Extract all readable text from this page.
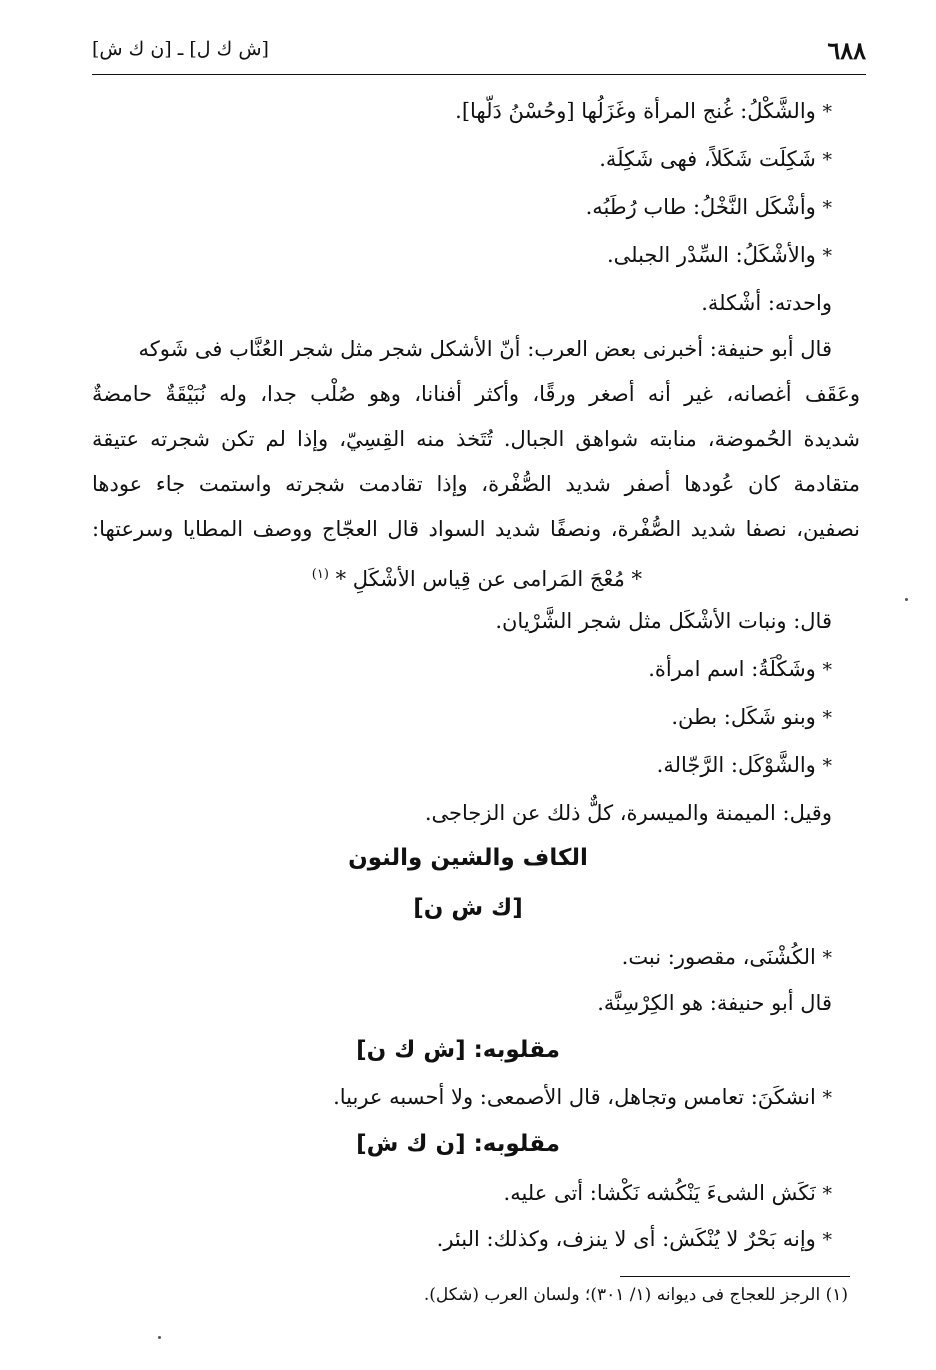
٦٨٨
[ش ك ل] ـ [ن ك ش]
* والشَّكْلُ: غُنج المرأة وغَزَلُها [وحُسْنُ دَلّها].
* شَكِلَت شَكَلاً، فهى شَكِلَة.
* وأشْكَل النَّخْلُ: طاب رُطَبُه.
* والأشْكَلُ: السِّدْر الجبلى.
واحدته: أشْكلة.
قال أبو حنيفة: أخبرنى بعض العرب: أنّ الأشكل شجر مثل شجر العُنَّاب فى شَوكه
وعَقَف أغصانه، غير أنه أصغر ورقًا، وأكثر أفنانا، وهو صُلْب جدا، وله نُبَيْقَةٌ حامضةٌ
شديدة الحُموضة، منابته شواهق الجبال. تُتَخذ منه القِسِيّ، وإذا لم تكن شجرته عتيقة
متقادمة كان عُودها أصفر شديد الصُّفْرة، وإذا تقادمت شجرته واستمت جاء عودها
نصفين، نصفا شديد الصُّفْرة، ونصفًا شديد السواد قال العجّاج ووصف المطايا وسرعتها:
* مُعْجَ المَرامى عن قِياس الأشْكَلِ * $^{(١)}$
قال: ونبات الأشْكَل مثل شجر الشَّرْيان.
* وشَكْلَةُ: اسم امرأة.
* وبنو شَكَل: بطن.
* والشَّوْكَل: الرَّجّالة.
وقيل: الميمنة والميسرة، كلٌّ ذلك عن الزجاجى.
الكاف والشين والنون
[ك ش ن]
* الكُشْنَى، مقصور: نبت.
قال أبو حنيفة: هو الكِرْسِنَّة.
مقلوبه: [ش ك ن]
* انشكَنَ: تعامس وتجاهل، قال الأصمعى: ولا أحسبه عربيا.
مقلوبه: [ن ك ش]
* نَكَش الشىءَ يَنْكُشه نَكْشا: أتى عليه.
* وإنه بَحْرٌ لا يُنْكَش: أى لا ينزف، وكذلك: البئر.
(١) الرجز للعجاج فى ديوانه (١/ ٣٠١)؛ ولسان العرب (شكل).
